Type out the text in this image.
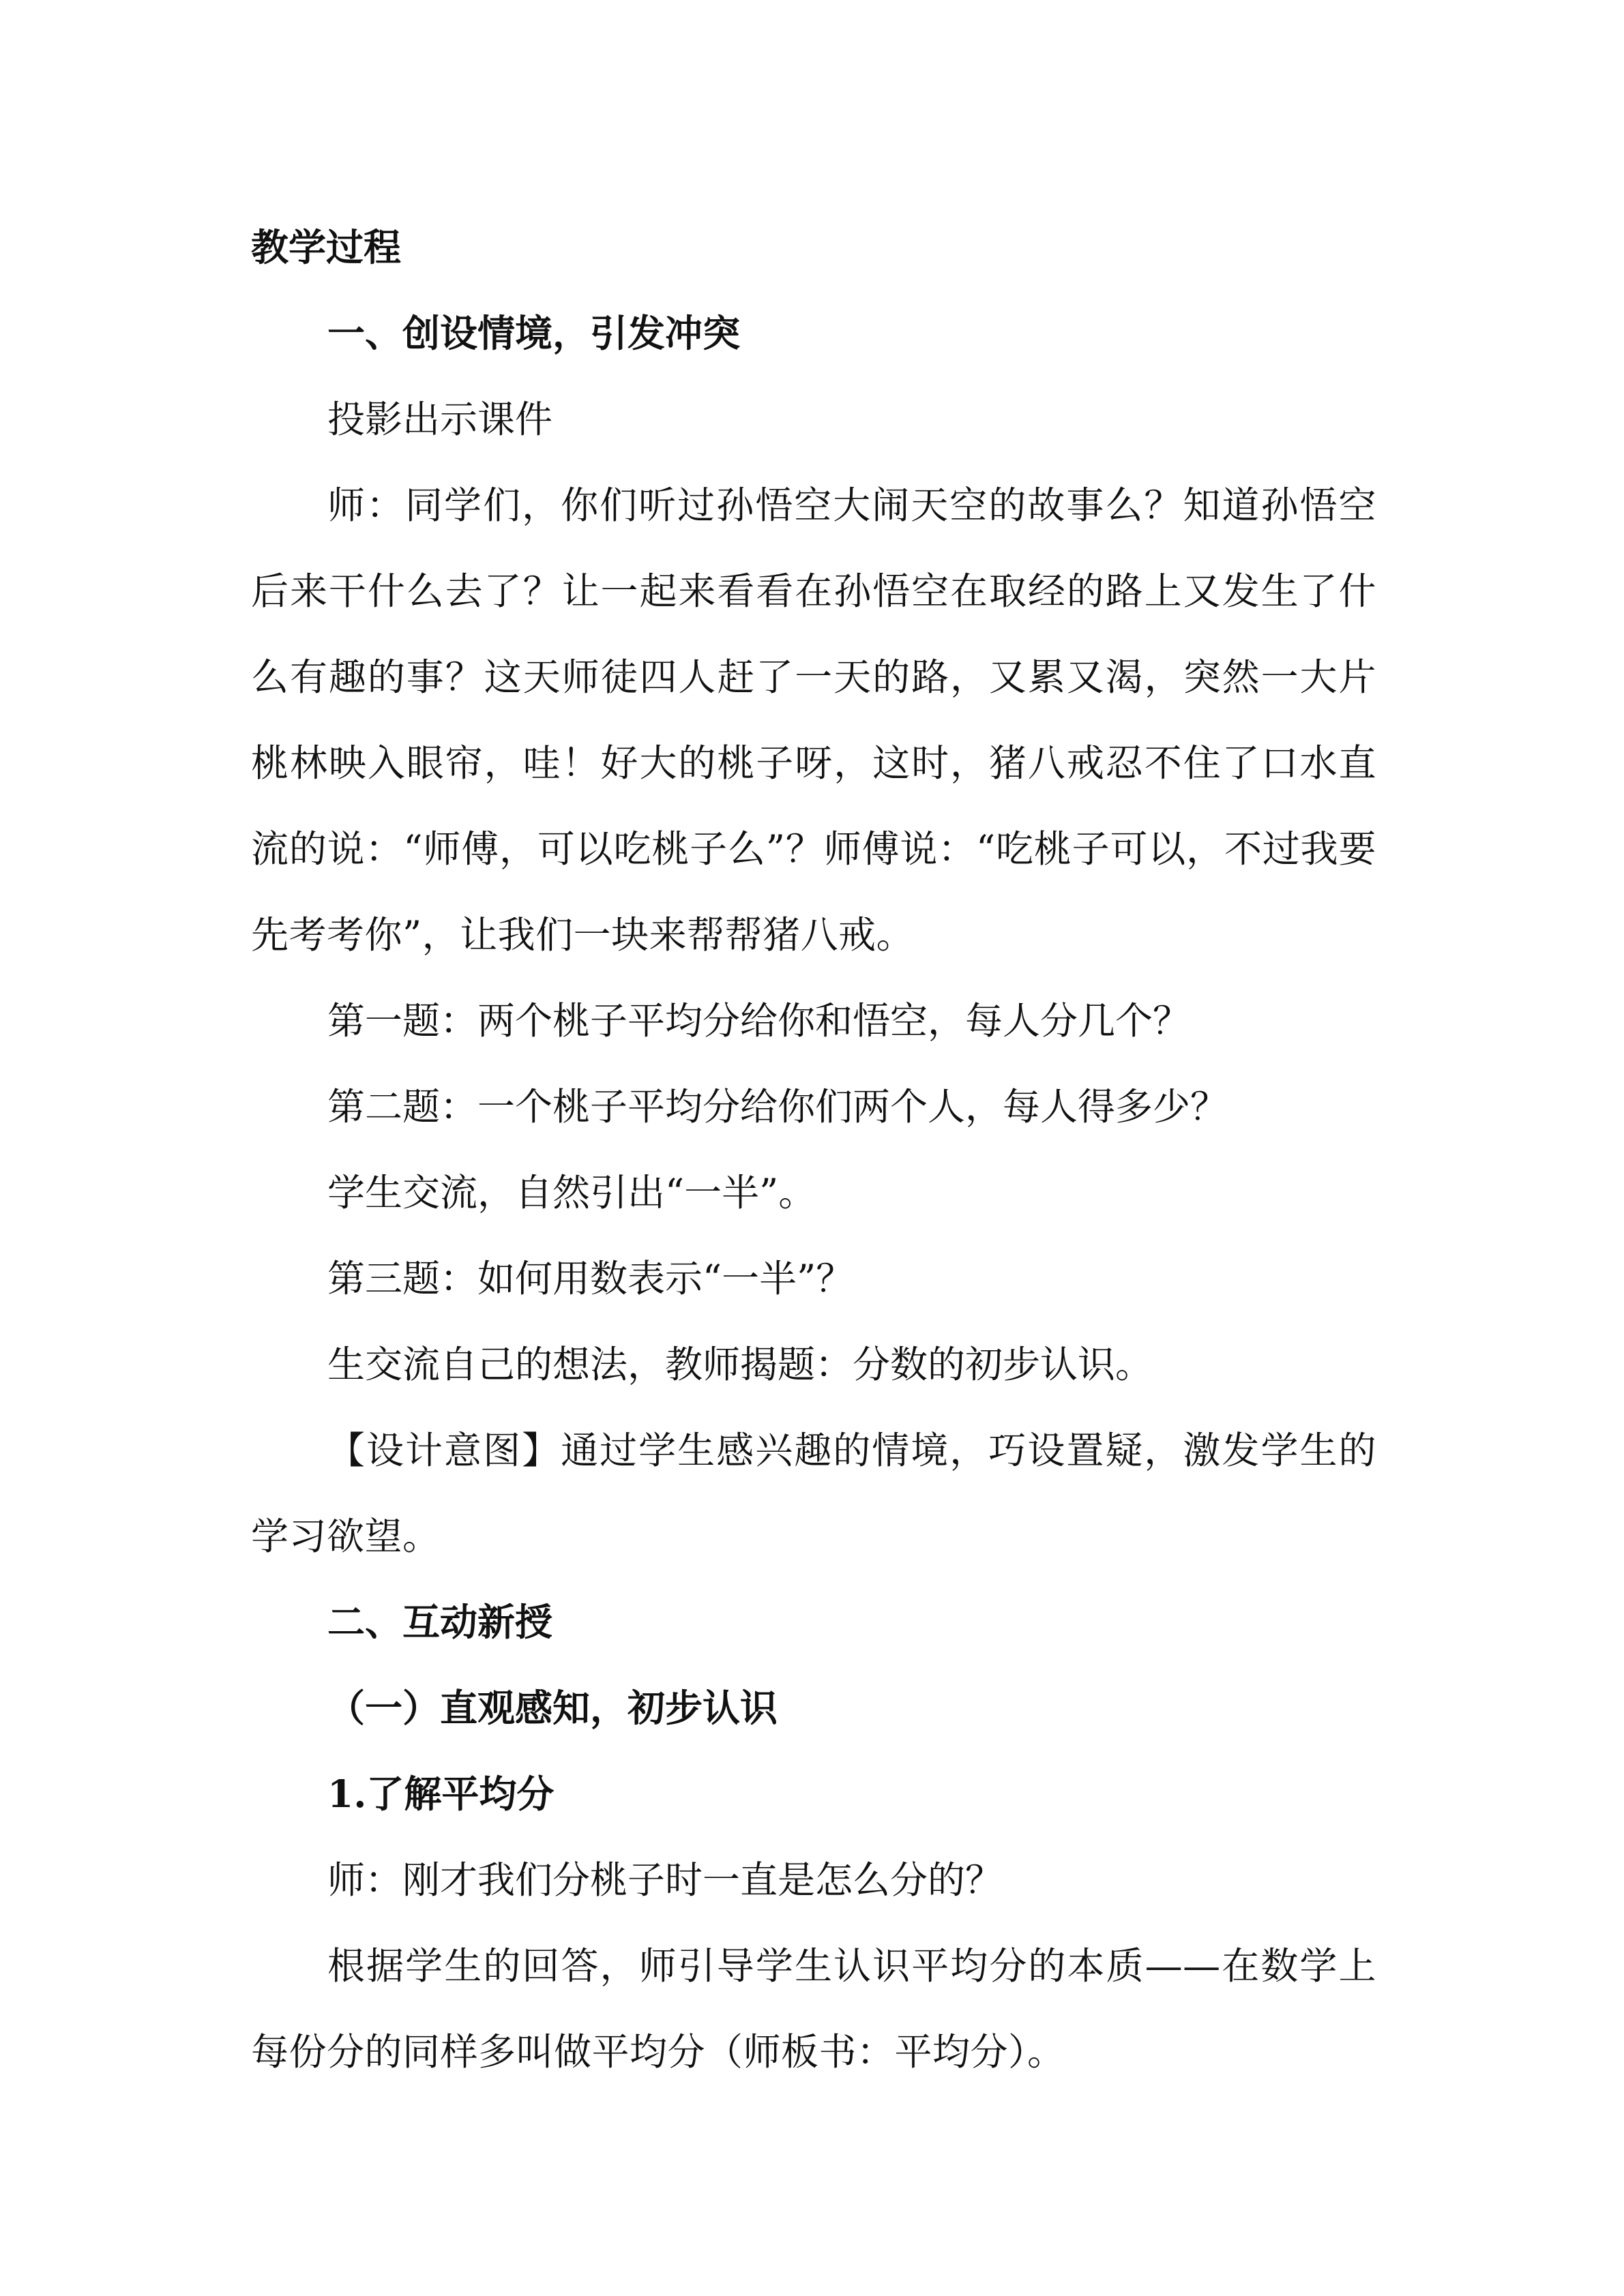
教学过程

一、创设情境，引发冲突

投影出示课件

师：同学们，你们听过孙悟空大闹天空的故事么？知道孙悟空后来干什么去了？让一起来看看在孙悟空在取经的路上又发生了什么有趣的事？这天师徒四人赶了一天的路，又累又渴，突然一大片桃林映入眼帘，哇！好大的桃子呀，这时，猪八戒忍不住了口水直流的说：“师傅，可以吃桃子么”？师傅说：“吃桃子可以，不过我要先考考你”，让我们一块来帮帮猪八戒。

第一题：两个桃子平均分给你和悟空，每人分几个？

第二题：一个桃子平均分给你们两个人，每人得多少？

学生交流，自然引出“一半”。

第三题：如何用数表示“一半”？

生交流自己的想法，教师揭题：分数的初步认识。

【设计意图】通过学生感兴趣的情境，巧设置疑，激发学生的学习欲望。

二、互动新授

（一）直观感知，初步认识

1.了解平均分

师：刚才我们分桃子时一直是怎么分的？

根据学生的回答，师引导学生认识平均分的本质——在数学上每份分的同样多叫做平均分（师板书：平均分）。
